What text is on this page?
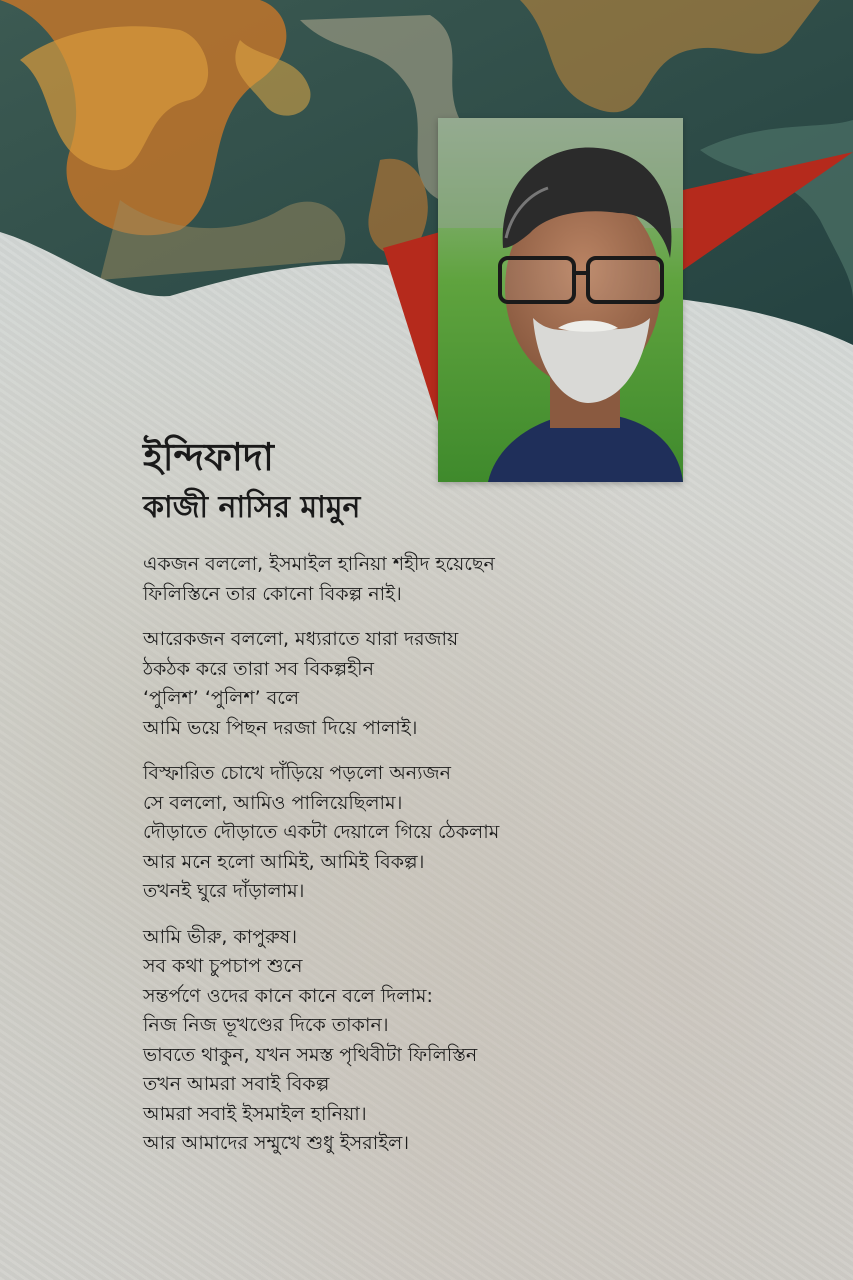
ইন্দিফাদা
কাজী নাসির মামুন
একজন বললো, ইসমাইল হানিয়া শহীদ হয়েছেন
ফিলিস্তিনে তার কোনো বিকল্প নাই।
আরেকজন বললো, মধ্যরাতে যারা দরজায়
ঠকঠক করে তারা সব বিকল্পহীন
‘পুলিশ’ ‘পুলিশ’ বলে
আমি ভয়ে পিছন দরজা দিয়ে পালাই।
বিস্ফারিত চোখে দাঁড়িয়ে পড়লো অন্যজন
সে বললো, আমিও পালিয়েছিলাম।
দৌড়াতে দৌড়াতে একটা দেয়ালে গিয়ে ঠেকলাম
আর মনে হলো আমিই, আমিই বিকল্প।
তখনই ঘুরে দাঁড়ালাম।
আমি ভীরু, কাপুরুষ।
সব কথা চুপচাপ শুনে
সন্তর্পণে ওদের কানে কানে বলে দিলাম:
নিজ নিজ ভূখণ্ডের দিকে তাকান।
ভাবতে থাকুন, যখন সমস্ত পৃথিবীটা ফিলিস্তিন
তখন আমরা সবাই বিকল্প
আমরা সবাই ইসমাইল হানিয়া।
আর আমাদের সম্মুখে শুধু ইসরাইল।
